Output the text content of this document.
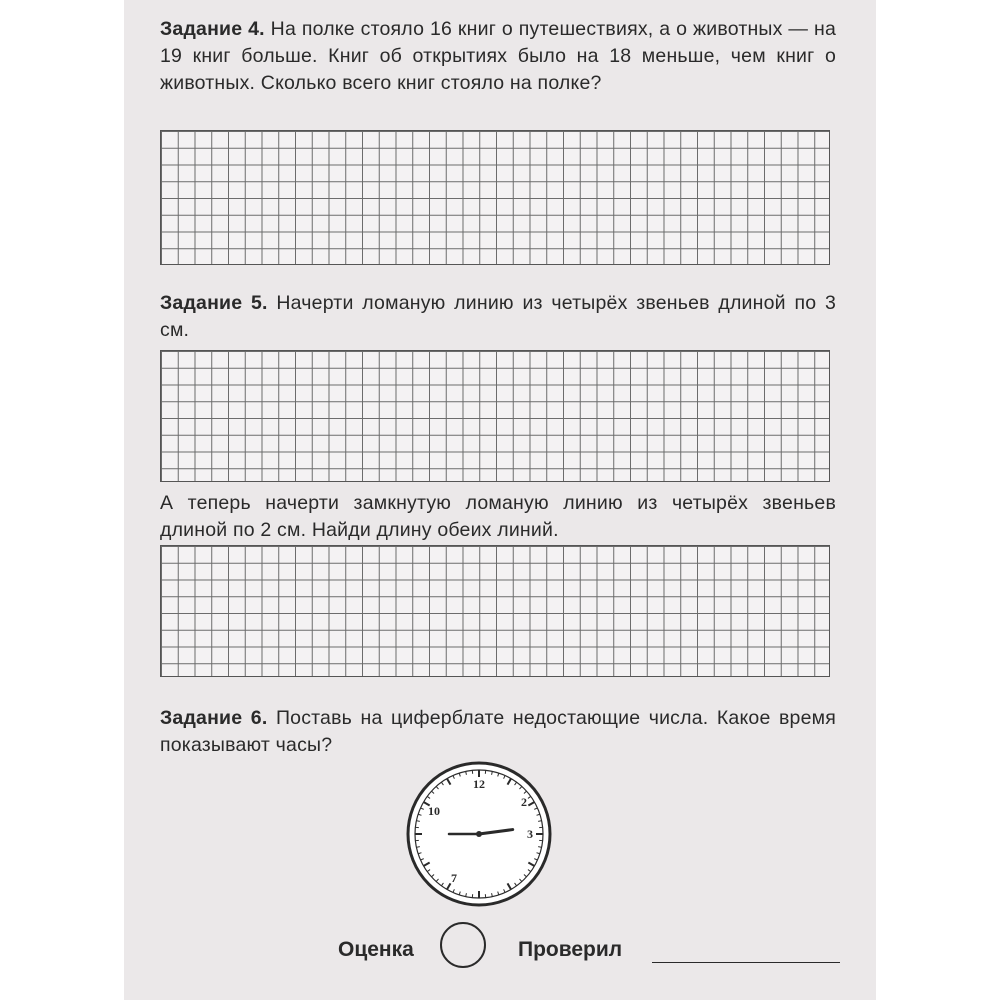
Задание 4. На полке стояло 16 книг о путешествиях, а о животных — на 19 книг больше. Книг об открытиях было на 18 меньше, чем книг о животных. Сколько всего книг стояло на полке?
Задание 5. Начерти ломаную линию из четырёх звеньев длиной по 3 см.
А теперь начерти замкнутую ломаную линию из четырёх звеньев длиной по 2 см. Найди длину обеих линий.
Задание 6. Поставь на циферблате недостающие числа. Какое время показывают часы?
12
2
3
10
7
Оценка	Проверил
